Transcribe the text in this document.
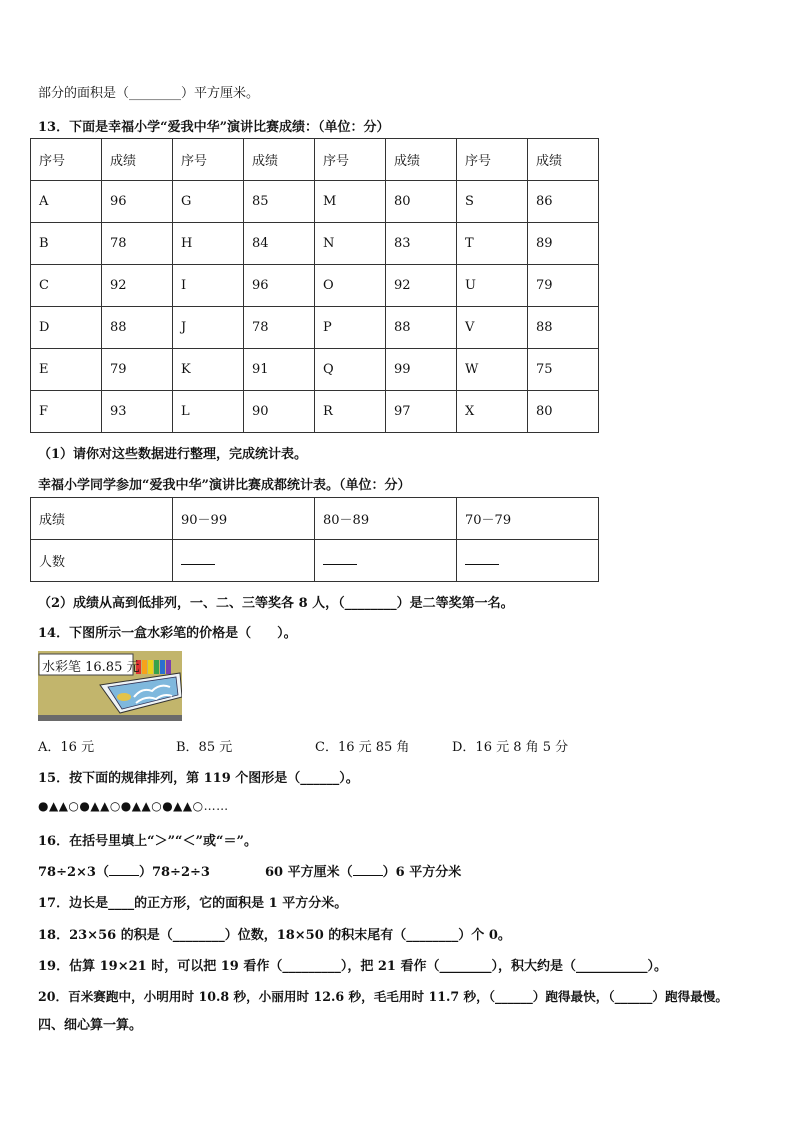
部分的面积是（________）平方厘米。
13．下面是幸福小学“爱我中华”演讲比赛成绩：（单位：分）
序号	成绩	序号	成绩	序号	成绩	序号	成绩
A	96	G	85	M	80	S	86
B	78	H	84	N	83	T	89
C	92	I	96	O	92	U	79
D	88	J	78	P	88	V	88
E	79	K	91	Q	99	W	75
F	93	L	90	R	97	X	80
（1）请你对这些数据进行整理，完成统计表。
幸福小学同学参加“爱我中华”演讲比赛成都统计表。（单位：分）
成绩	90－99	80－89	70－79
人数			
（2）成绩从高到低排列，一、二、三等奖各 8 人，（________）是二等奖第一名。
14．下图所示一盒水彩笔的价格是（　　）。
水彩笔 16.85 元
A．16 元	B．85 元	C．16 元 85 角	D．16 元 8 角 5 分
15．按下面的规律排列，第 119 个图形是（______）。
●▲▲○●▲▲○●▲▲○●▲▲○……
16．在括号里填上“＞”“＜”或“＝”。
78÷2×3（ ）78÷2÷3	60 平方厘米（ ）6 平方分米
17．边长是____的正方形，它的面积是 1 平方分米。
18．23×56 的积是（________）位数，18×50 的积末尾有（________）个 0。
19．估算 19×21 时，可以把 19 看作（_________），把 21 看作（________），积大约是（___________）。
20．百米赛跑中，小明用时 10.8 秒，小丽用时 12.6 秒，毛毛用时 11.7 秒，（______）跑得最快，（______）跑得最慢。
四、细心算一算。
